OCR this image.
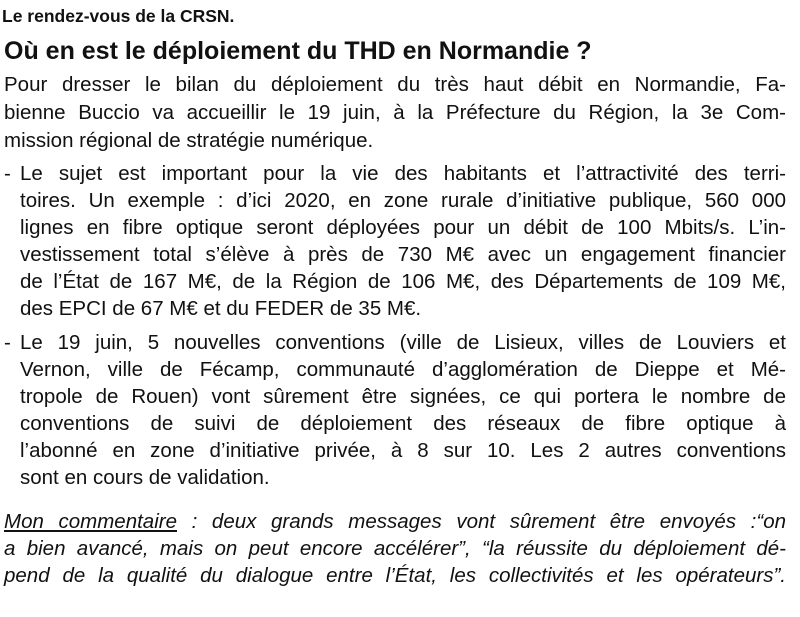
Le rendez-vous de la CRSN.
Où en est le déploiement du THD en Normandie ?
Pour dresser le bilan du déploiement du très haut débit en Normandie, Fa-
bienne Buccio va accueillir le 19 juin, à la Préfecture du Région, la 3e Com-
mission régional de stratégie numérique.
- Le sujet est important pour la vie des habitants et l’attractivité des terri-
toires. Un exemple : d’ici 2020, en zone rurale d’initiative publique, 560 000
lignes en fibre optique seront déployées pour un débit de 100 Mbits/s. L’in-
vestissement total s’élève à près de 730 M€ avec un engagement financier
de l’État de 167 M€, de la Région de 106 M€, des Départements de 109 M€,
des EPCI de 67 M€ et du FEDER de 35 M€.
- Le 19 juin, 5 nouvelles conventions (ville de Lisieux, villes de Louviers et
Vernon, ville de Fécamp, communauté d’agglomération de Dieppe et Mé-
tropole de Rouen) vont sûrement être signées, ce qui portera le nombre de
conventions de suivi de déploiement des réseaux de fibre optique à
l’abonné en zone d’initiative privée, à 8 sur 10. Les 2 autres conventions
sont en cours de validation.
Mon commentaire : deux grands messages vont sûrement être envoyés :“on
a bien avancé, mais on peut encore accélérer”, “la réussite du déploiement dé-
pend de la qualité du dialogue entre l’État, les collectivités et les opérateurs”.
